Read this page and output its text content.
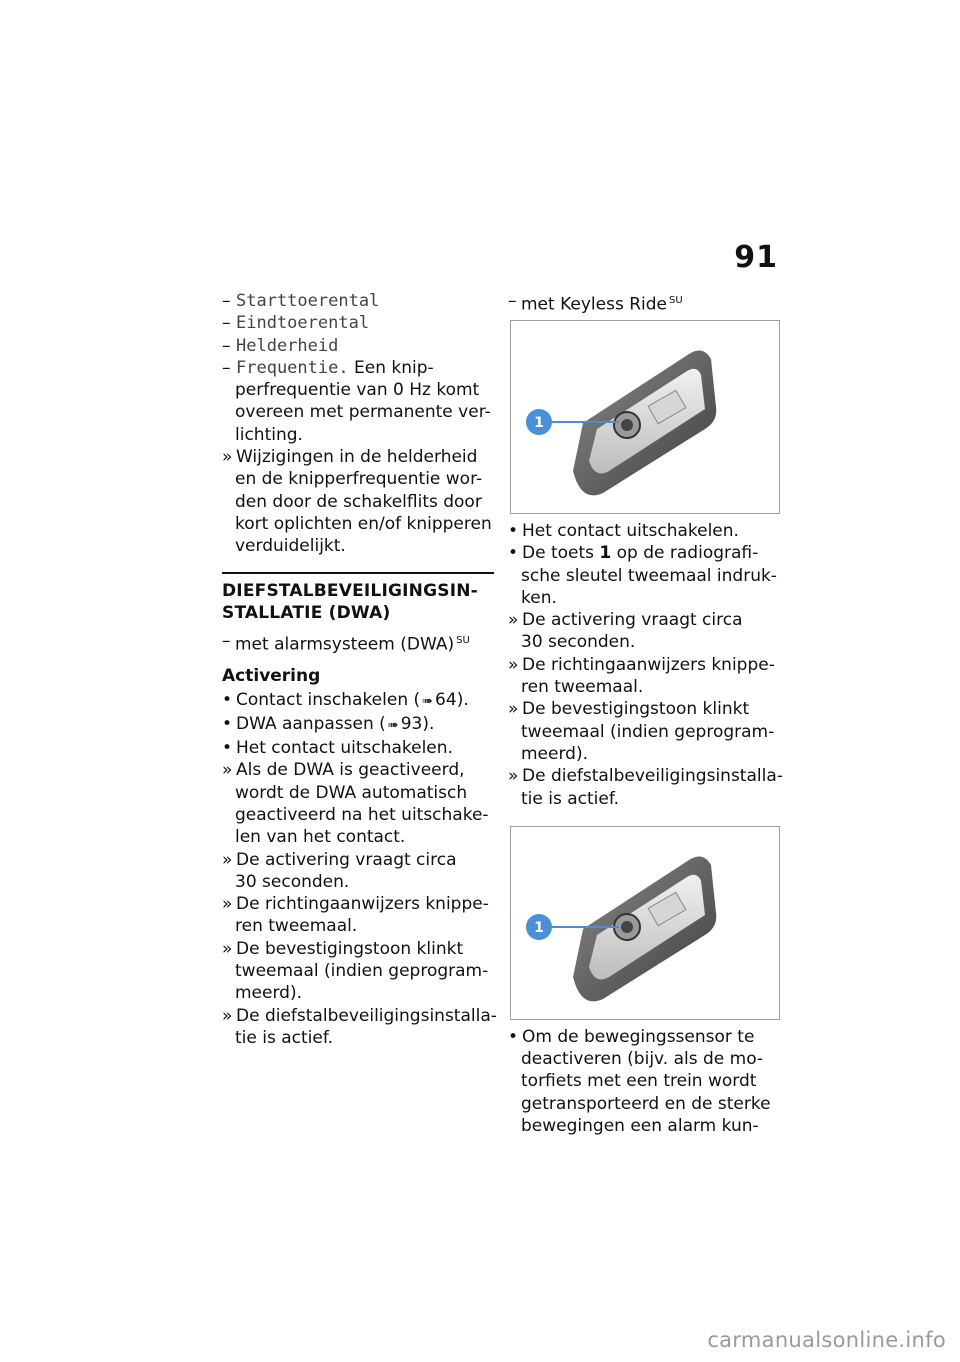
91
– Starttoerental
– Eindtoerental
– Helderheid
– Frequentie. Een knip-
perfrequentie van 0 Hz komt
overeen met permanente ver-
lichting.
» Wijzigingen in de helderheid
en de knipperfrequentie wor-
den door de schakelflits door
kort oplichten en/of knipperen
verduidelijkt.
DIEFSTALBEVEILIGINGSIN-
STALLATIE (DWA)
– met alarmsysteem (DWA) $^{SU}$
Activering
• Contact inschakelen ( ➠ 64).
• DWA aanpassen ( ➠ 93).
• Het contact uitschakelen.
» Als de DWA is geactiveerd,
wordt de DWA automatisch
geactiveerd na het uitschake-
len van het contact.
» De activering vraagt circa
30 seconden.
» De richtingaanwijzers knippe-
ren tweemaal.
» De bevestigingstoon klinkt
tweemaal (indien geprogram-
meerd).
» De diefstalbeveiligingsinstalla-
tie is actief.
– met Keyless Ride $^{SU}$
1
• Het contact uitschakelen.
• De toets 1 op de radiografi-
sche sleutel tweemaal indruk-
ken.
» De activering vraagt circa
30 seconden.
» De richtingaanwijzers knippe-
ren tweemaal.
» De bevestigingstoon klinkt
tweemaal (indien geprogram-
meerd).
» De diefstalbeveiligingsinstalla-
tie is actief.
1
• Om de bewegingssensor te
deactiveren (bijv. als de mo-
torfiets met een trein wordt
getransporteerd en de sterke
bewegingen een alarm kun-
carmanualsonline.info
